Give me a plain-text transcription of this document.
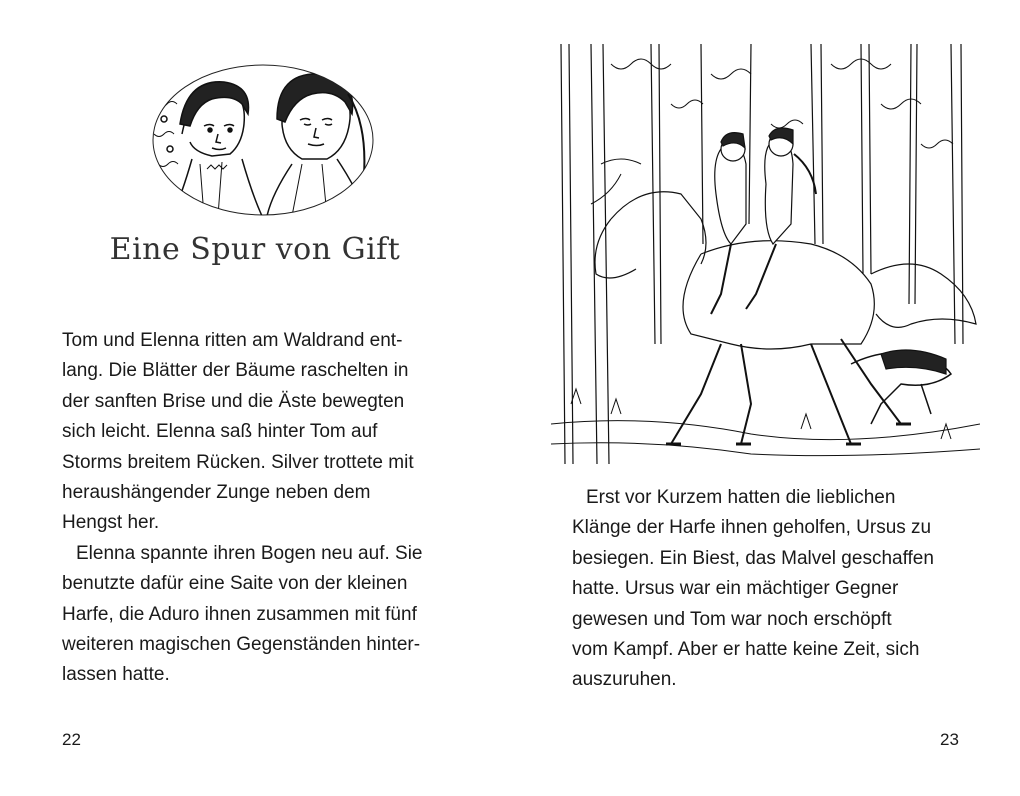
Eine Spur von Gift
Tom und Elenna ritten am Waldrand ent-
lang. Die Blätter der Bäume raschelten in
der sanften Brise und die Äste bewegten
sich leicht. Elenna saß hinter Tom auf
Storms breitem Rücken. Silver trottete mit
heraushängender Zunge neben dem
Hengst her.
Elenna spannte ihren Bogen neu auf. Sie
benutzte dafür eine Saite von der kleinen
Harfe, die Aduro ihnen zusammen mit fünf
weiteren magischen Gegenständen hinter-
lassen hatte.
22
Erst vor Kurzem hatten die lieblichen
Klänge der Harfe ihnen geholfen, Ursus zu
besiegen. Ein Biest, das Malvel geschaffen
hatte. Ursus war ein mächtiger Gegner
gewesen und Tom war noch erschöpft
vom Kampf. Aber er hatte keine Zeit, sich
auszuruhen.
23
